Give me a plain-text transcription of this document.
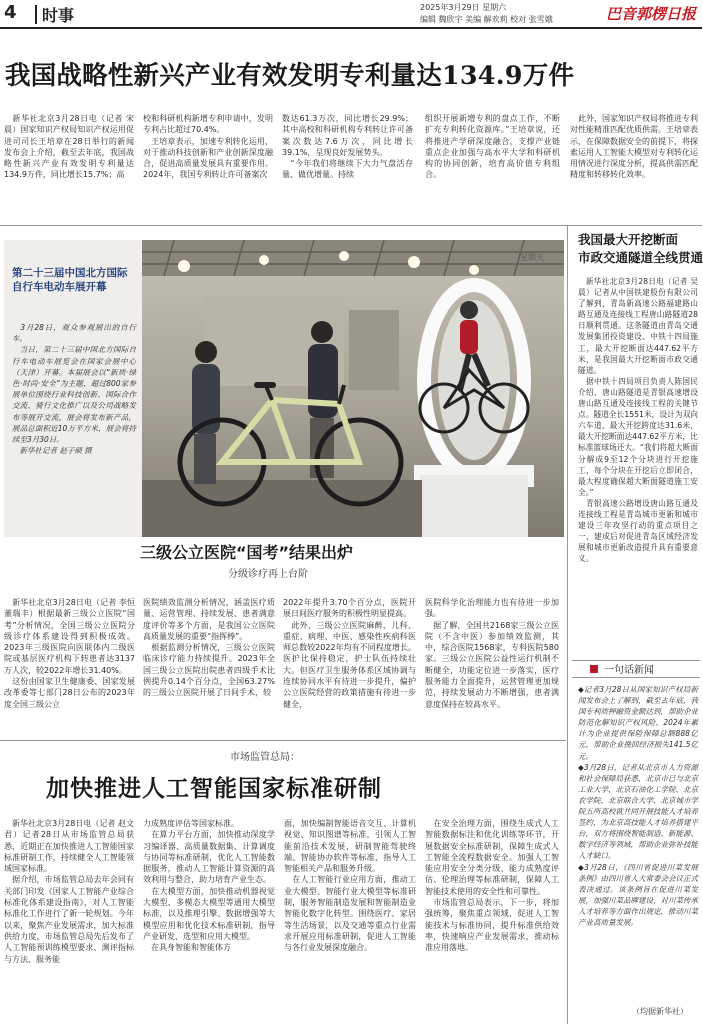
4 时事	2025年3月29日 星期六
编辑 魏欣宇 美编 解欢莉 校对 张雪娥	巴音郭楞日报
我国战略性新兴产业有效发明专利量达134.9万件
　新华社北京3月28日电（记者 宋晨）国家知识产权局知识产权运用促进司司长王培章在28日举行的新闻发布会上介绍，截至去年底，我国战略性新兴产业有效发明专利量达134.9万件，同比增长15.7%；高
校和科研机构新增专利申请中，发明专利占比超过70.4%。
　王培章表示，加速专利转化运用，对于推动科技创新和产业创新深度融合，促进高质量发展具有重要作用。2024年，我国专利转让许可备案次
数达61.3万次，同比增长29.9%；其中高校和科研机构专利转让许可备案次数达7.6万次，同比增长39.1%，呈现良好发展势头。
　“今年我们将继续下大力气盘活存量、做优增量。持续
组织开展新增专利的盘点工作，不断扩充专利转化资源库。”王培章说，还将推进产学研深度融合，支撑产业链重点企业加强与高水平大学和科研机构的协同创新，培育高价值专利组合。
　此外，国家知识产权局将推进专利对性能精准匹配优质供需。王培章表示，在保障数据安全的前提下，将探索运用人工智能大模型对专利转化运用情况进行深度分析，提高供需匹配精度和转移转化效率。
星期天
第二十三届中国北方国际自行车电动车展开幕
　3月28日，观众参观展出的自行车。
　当日，第二十三届中国北方国际自行车电动车展览会在国家会展中心（天津）开幕。本届展会以“新质·绿色·时尚·安全”为主题，超过800家参展单位围绕行业科技创新、国际合作交流、骑行文化推广以及公司战略发布等展开交流，展会将发布新产品，展品总面积近10万平方米，展会将持续至3月30日。
　新华社记者 赵子硕 摄
三级公立医院“国考”结果出炉
分级诊疗再上台阶
　新华社北京3月28日电（记者 李恒 董瑞丰）根据最新三级公立医院“国考”分析情况，全国三级公立医院分级诊疗体系建设得到积极成效。2023年三级医院向医联体内二级医院或基层医疗机构下转患者达3137万人次，较2022年增长31.40%。
　这份由国家卫生健康委、国家发展改革委等七部门28日公布的2023年度全国三级公立
医院绩效监测分析情况，涵盖医疗质量、运营管理、持续发展、患者满意度评价等多个方面，是我国公立医院高质量发展的重要“指挥棒”。
　根据监测分析情况，三级公立医院临床诊疗能力持续提升。2023年全国三级公立医院出院患者四级手术比例提升0.14个百分点，全国63.27%的三级公立医院开展了日间手术，较
2022年提升3.70个百分点，医院开展日间医疗服务的积极性明显提高。
　此外，三级公立医院麻醉、儿科、重症、病理、中医、感染性疾病科医师总数较2022年均有不同程度增长。医护比保持稳定，护士队伍持续壮大。但医疗卫生服务体系区域协调与连续协同水平有待进一步提升，偏护公立医院经营的政策措施有待进一步健全，
医院科学化治理能力也有待进一步加强。
　据了解，全国共2168家三级公立医院（不含中医）参加绩效监测，其中，综合医院1568家，专科医院580家。三级公立医院公益性运行机制不断健全，功能定位进一步落实，医疗服务能力全面提升，运营管理更加规范，持续发展动力不断增强，患者满意度保持在较高水平。
我国最大开挖断面
市政交通隧道全线贯通
　新华社北京3月28日电（记者 吴晨）记者从中国铁建股份有限公司了解到，青岛新高速公路福建路山路互通及连接线工程唐山路隧道28日顺利贯通。这条隧道由青岛交通发展集团投资建设、中铁十四局施工，最大开挖断面达447.62平方米，是我国最大开挖断面市政交通隧道。
　据中铁十四局项目负责人陈国民介绍，唐山路隧道是青银高速增设唐山路互通及连接线工程的关键节点。隧道全长1551米，设计为双向六车道、最大开挖跨度达31.6米，最大开挖断面达447.62平方米，比标准篮球场还大。“我们将超大断面分解成9至12个分块进行开挖施工，每个分块在开挖后立即闭合，最大程度确保超大断面隧道施工安全。”
　青银高速公路增设唐山路互通及连接线工程是青岛城市更新和城市建设三年攻坚行动的重点项目之一，建成后对促进青岛区域经济发展和城市更新改造提升具有重要意义。
一句话新闻
◆记者3月28日从国家知识产权局新闻发布会上了解到，截至去年底，我国专利质押融资金额达到，帮助企业防范化解知识产权风险，2024年累计为企业提供保险保障总额888亿元，帮助企业挽回经济损失141.5亿元。
◆3月28日，记者从北京市人力资源和社会保障局获悉，北京市已与北京工业大学、北京石油化工学院、北京农学院、北京联合大学、北京城市学院五所高校就共同开展技能人才培养签约，为北京高技能人才培养搭建平台，双方将围绕智能制造、新能源、数字经济等领域，帮助企业弥补技能人才缺口。
◆3月28日，《四川省促进川菜发展条例》由四川省人大常委会会议正式表决通过。该条例旨在促进川菜发展，加强川菜品牌建设，对川菜传承人才培养等方面作出规定，推动川菜产业高质量发展。
（均据新华社）
市场监管总局：
加快推进人工智能国家标准研制
　新华社北京3月28日电（记者 赵文君）记者28日从市场监管总局获悉，近期正在加快推进人工智能国家标准研制工作，持续健全人工智能领域国家标准。
　据介绍，市场监管总局去年会同有关部门印发《国家人工智能产业综合标准化体系建设指南》，对人工智能标准化工作进行了新一轮规划。今年以来，聚焦产业发展需求，加大标准供给力度，市场监管总局先后发布了人工智能预训练模型要求、测评指标与方法、服务能
力成熟度评估等国家标准。
　在算力平台方面，加快推动深度学习编译器、高质量数据集、计算调度与协同等标准研制，优化人工智能数据服务，推动人工智能计算资源的高效利用与整合，助力培育产业生态。
　在大模型方面，加快推动机器视觉大模型、多模态大模型等通用大模型标准，以及推理引擎、数据增强等大模型应用和优化技术标准研制，指导产业研发、选型和应用大模型。
　在具身智能和智能体方
面，加快编制智能语音交互、计算机视觉、知识图谱等标准，引领人工智能前沿技术发展，研制智能驾驶终端、智能协办软件等标准，指导人工智能相关产品和服务升级。
　在人工智能行业应用方面，推动工业大模型、智能行业大模型等标准研制，服务智能制造发展和智能制造业智能化数字化转型。围绕医疗、家居等生活场景，以及交通等重点行业需求开展应用标准研制，促进人工智能与各行业发展深度融合。
　在安全治理方面，围绕生成式人工智能数据标注和优化训练等环节，开展数据安全标准研制，保障生成式人工智能全流程数据安全。加强人工智能应用安全分类分级、能力成熟度评估、伦理治理等标准研制，保障人工智能技术使用的安全性和可靠性。
　市场监管总局表示，下一步，将加强统筹，聚焦重点领域，促进人工智能技术与标准协同，提升标准供给效率，快速响应产业发展需求，推动标准应用落地。
